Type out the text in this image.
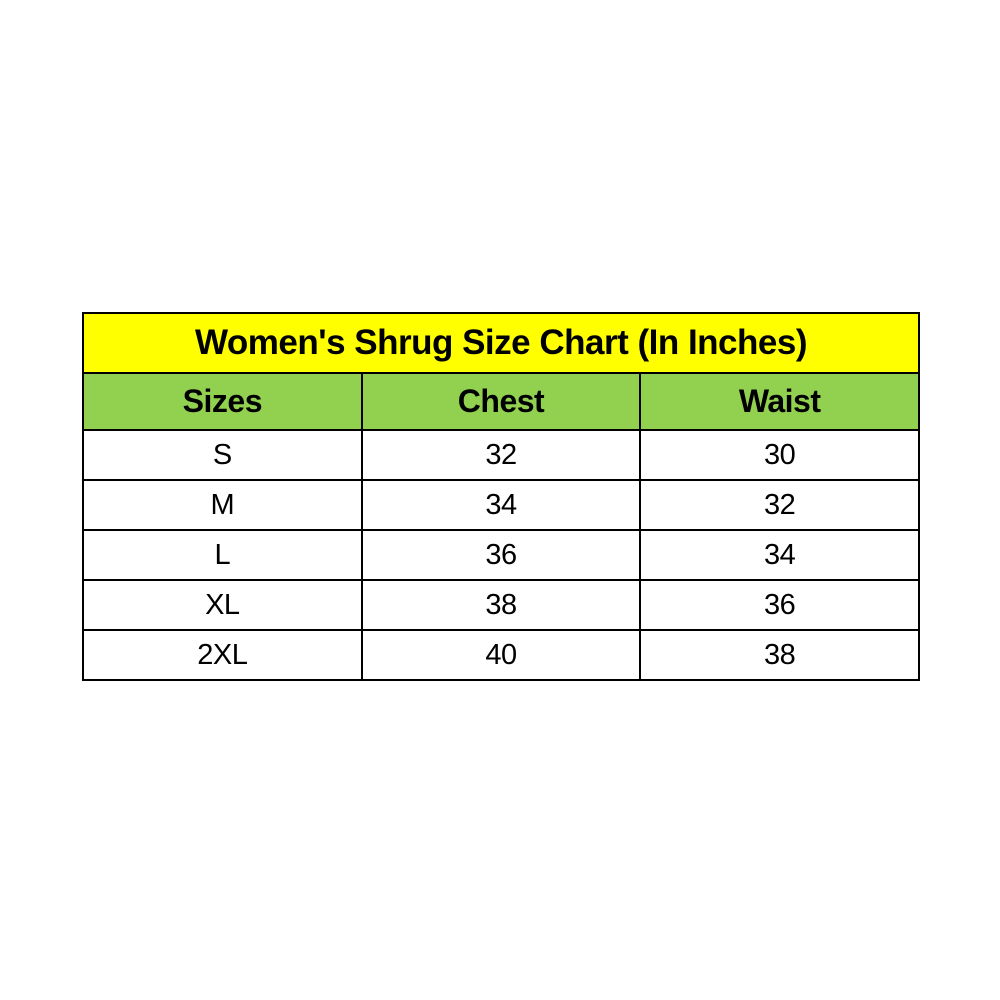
Women's Shrug Size Chart (In Inches)		
Sizes	Chest	Waist
S	32	30
M	34	32
L	36	34
XL	38	36
2XL	40	38
